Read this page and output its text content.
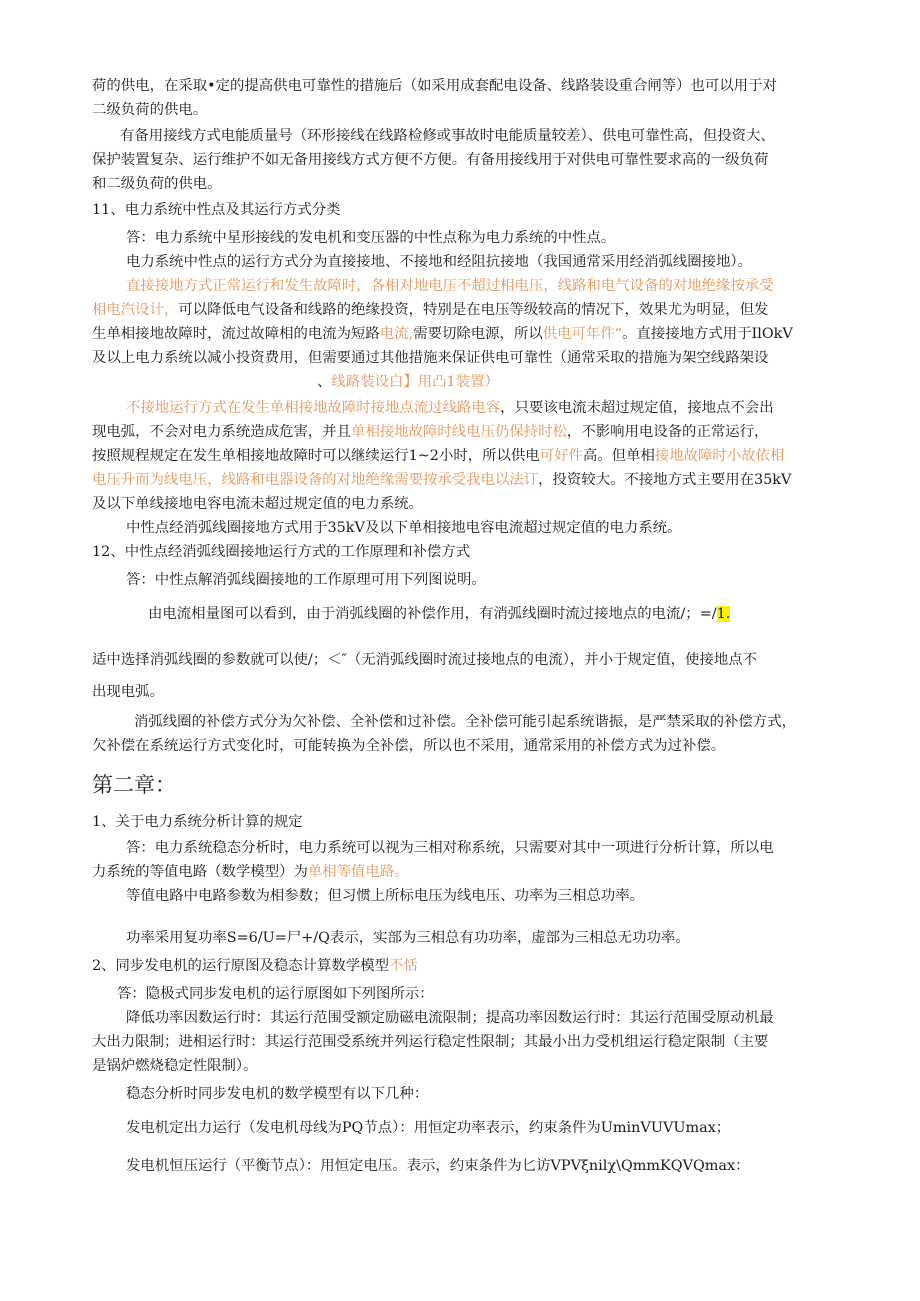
荷的供电，在采取•定的提高供电可靠性的措施后（如采用成套配电设备、线路装设重合闸等）也可以用于对
二级负荷的供电。
有备用接线方式电能质量号（环形接线在线路检修或事故时电能质量较差）、供电可靠性高，但投资大、
保护装置复杂、运行维护不如无备用接线方式方便不方便。有备用接线用于对供电可靠性要求高的一级负荷
和二级负荷的供电。
11、电力系统中性点及其运行方式分类
答：电力系统中星形接线的发电机和变压器的中性点称为电力系统的中性点。
电力系统中性点的运行方式分为直接接地、不接地和经阻抗接地（我国通常采用经消弧线圈接地）。
直接接地方式正常运行和发生故障时，各相对地电压不超过相电压，线路和电气设备的对地绝缘按承受
相电汽设计，可以降低电气设备和线路的绝缘投资，特别是在电压等级较高的情况下，效果尤为明显，但发
生单相接地故障时，流过故障相的电流为短路电流,需要切除电源，所以供电可年件“。直接接地方式用于IlOkV
及以上电力系统以减小投资费用，但需要通过其他措施来保证供电可靠性（通常采取的措施为架空线路架设
、线路装设白】用凸1装置）
不接地运行方式在发生单相接地故障时接地点流过线路电容，只要该电流未超过规定值，接地点不会出
现电弧，不会对电力系统造成危害，并且单相接地故障时线电压仍保持时松，不影响用电设备的正常运行，
按照规程规定在发生单相接地故障时可以继续运行1~2小时，所以供电可好件高。但单相接地故障时小故依相
电压升而为线电压，线路和电器设备的对地绝缘需要按承受我电以法订，投资较大。不接地方式主要用在35kV
及以下单线接地电容电流未超过规定值的电力系统。
中性点经消弧线圈接地方式用于35kV及以下单相接地电容电流超过规定值的电力系统。
12、中性点经消弧线圈接地运行方式的工作原理和补偿方式
答：中性点解消弧线圈接地的工作原理可用下列图说明。
由电流相量图可以看到，由于消弧线圈的补偿作用，有消弧线圈时流过接地点的电流/；=/1.
适中选择消弧线圈的参数就可以使/；＜″（无消弧线圈时流过接地点的电流），并小于规定值，使接地点不
出现电弧。
消弧线圈的补偿方式分为欠补偿、全补偿和过补偿。全补偿可能引起系统谐振，是严禁采取的补偿方式，
欠补偿在系统运行方式变化时，可能转换为全补偿，所以也不采用，通常采用的补偿方式为过补偿。
1、关于电力系统分析计算的规定
答：电力系统稳态分析时，电力系统可以视为三相对称系统，只需要对其中一项进行分析计算，所以电
力系统的等值电路（数学模型）为单相等值电路。
等值电路中电路参数为相参数；但习惯上所标电压为线电压、功率为三相总功率。
功率采用复功率S=6∕U=尸+/Q表示，实部为三相总有功功率，虚部为三相总无功功率。
2、同步发电机的运行原图及稳态计算数学模型不恬
答：隐极式同步发电机的运行原图如下列图所示：
降低功率因数运行时：其运行范围受额定励磁电流限制；提高功率因数运行时：其运行范围受原动机最
大出力限制；进相运行时：其运行范围受系统并列运行稳定性限制；其最小出力受机组运行稳定限制（主要
是锅炉燃烧稳定性限制）。
稳态分析时同步发电机的数学模型有以下几种：
发电机定出力运行（发电机母线为PQ节点）：用恒定功率表示，约束条件为UminVUVUmax；
发电机恒压运行（平衡节点）：用恒定电压。表示，约束条件为匕访VPVξnilχ\QmmKQVQmax：
第二章：
